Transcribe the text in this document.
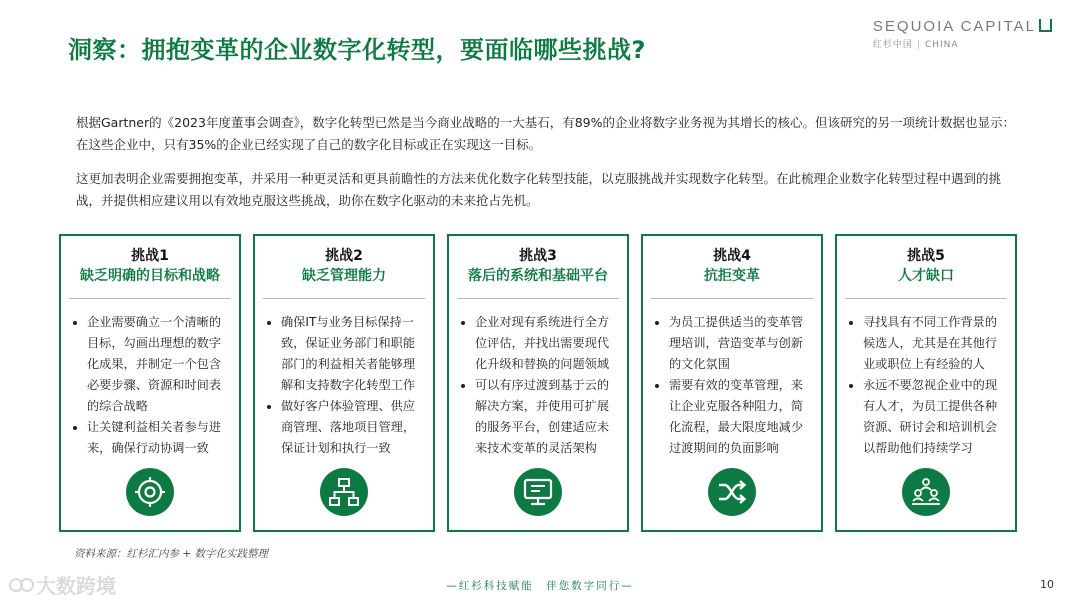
洞察：拥抱变革的企业数字化转型，要面临哪些挑战?
SEQUOIA CAPITAL
红杉中国 | CHINA
根据Gartner的《2023年度董事会调查》，数字化转型已然是当今商业战略的一大基石，有89%的企业将数字业务视为其增长的核心。但该研究的另一项统计数据也显示：在这些企业中，只有35%的企业已经实现了自己的数字化目标或正在实现这一目标。
这更加表明企业需要拥抱变革，并采用一种更灵活和更具前瞻性的方法来优化数字化转型技能，以克服挑战并实现数字化转型。在此梳理企业数字化转型过程中遇到的挑战，并提供相应建议用以有效地克服这些挑战，助你在数字化驱动的未来抢占先机。
挑战1
缺乏明确的目标和战略
• 企业需要确立一个清晰的目标，勾画出理想的数字化成果，并制定一个包含必要步骤、资源和时间表的综合战略
• 让关键利益相关者参与进来，确保行动协调一致
挑战2
缺乏管理能力
• 确保IT与业务目标保持一致，保证业务部门和职能部门的利益相关者能够理解和支持数字化转型工作
• 做好客户体验管理、供应商管理、落地项目管理，保证计划和执行一致
挑战3
落后的系统和基础平台
• 企业对现有系统进行全方位评估，并找出需要现代化升级和替换的问题领域
• 可以有序过渡到基于云的解决方案，并使用可扩展的服务平台，创建适应未来技术变革的灵活架构
挑战4
抗拒变革
• 为员工提供适当的变革管理培训，营造变革与创新的文化氛围
• 需要有效的变革管理，来让企业克服各种阻力，简化流程，最大限度地减少过渡期间的负面影响
挑战5
人才缺口
• 寻找具有不同工作背景的候选人，尤其是在其他行业或职位上有经验的人
• 永远不要忽视企业中的现有人才，为员工提供各种资源、研讨会和培训机会以帮助他们持续学习
资料来源：红杉汇内参 + 数字化实践整理
—红杉科技赋能　伴您数字同行—	10
大数跨境
